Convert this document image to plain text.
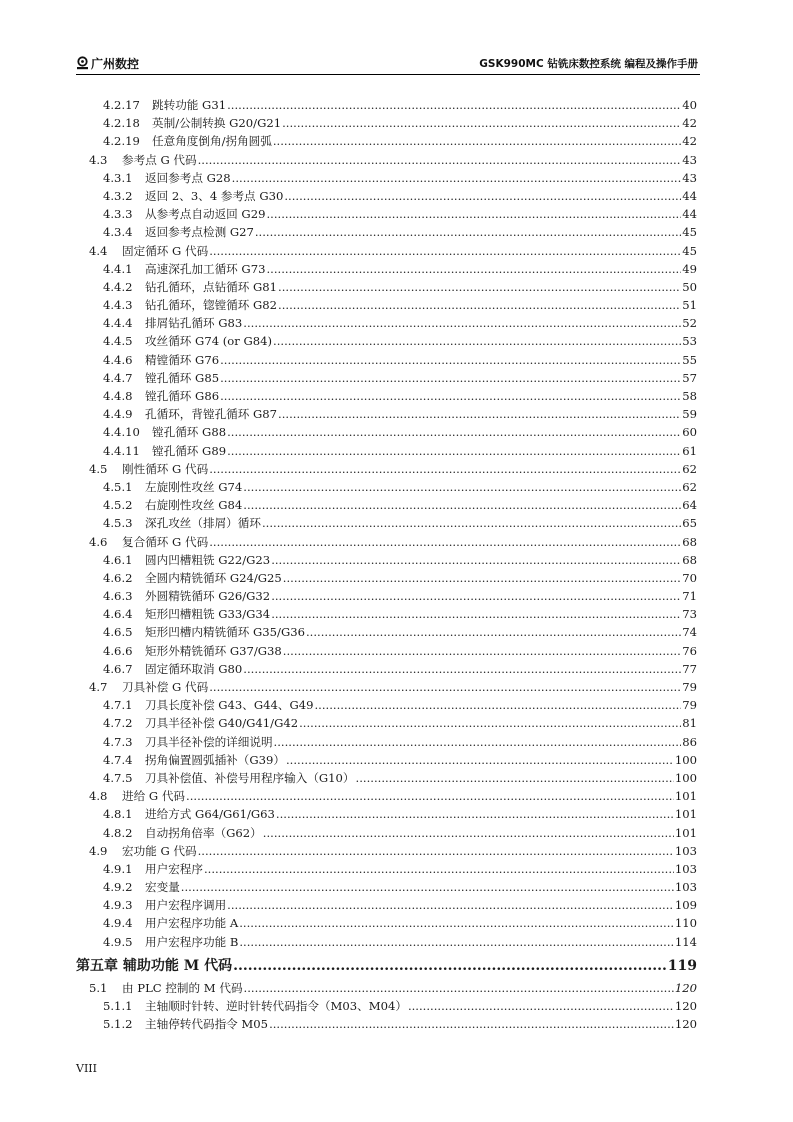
广州数控	GSK990MC 钻铣床数控系统 编程及操作手册
4.2.17 跳转功能 G31 .....	40
4.2.18 英制/公制转换 G20/G21 .....	42
4.2.19 任意角度倒角/拐角圆弧 .....	42
4.3 参考点 G 代码 .....	43
4.3.1 返回参考点 G28 .....	43
4.3.2 返回 2、3、4 参考点 G30 .....	44
4.3.3 从参考点自动返回 G29 .....	44
4.3.4 返回参考点检测 G27 .....	45
4.4 固定循环 G 代码 .....	45
4.4.1 高速深孔加工循环 G73 .....	49
4.4.2 钻孔循环，点钻循环 G81 .....	50
4.4.3 钻孔循环，锪镗循环 G82 .....	51
4.4.4 排屑钻孔循环 G83 .....	52
4.4.5 攻丝循环 G74 (or G84) .....	53
4.4.6 精镗循环 G76 .....	55
4.4.7 镗孔循环 G85 .....	57
4.4.8 镗孔循环 G86 .....	58
4.4.9 孔循环，背镗孔循环 G87 .....	59
4.4.10 镗孔循环 G88 .....	60
4.4.11 镗孔循环 G89 .....	61
4.5 刚性循环 G 代码 .....	62
4.5.1 左旋刚性攻丝 G74 .....	62
4.5.2 右旋刚性攻丝 G84 .....	64
4.5.3 深孔攻丝（排屑）循环 .....	65
4.6 复合循环 G 代码 .....	68
4.6.1 圆内凹槽粗铣 G22/G23 .....	68
4.6.2 全圆内精铣循环 G24/G25 .....	70
4.6.3 外圆精铣循环 G26/G32 .....	71
4.6.4 矩形凹槽粗铣 G33/G34 .....	73
4.6.5 矩形凹槽内精铣循环 G35/G36 .....	74
4.6.6 矩形外精铣循环 G37/G38 .....	76
4.6.7 固定循环取消 G80 .....	77
4.7 刀具补偿 G 代码 .....	79
4.7.1 刀具长度补偿 G43、G44、G49 .....	79
4.7.2 刀具半径补偿 G40/G41/G42 .....	81
4.7.3 刀具半径补偿的详细说明 .....	86
4.7.4 拐角偏置圆弧插补（G39） .....	100
4.7.5 刀具补偿值、补偿号用程序输入（G10） .....	100
4.8 进给 G 代码 .....	101
4.8.1 进给方式 G64/G61/G63 .....	101
4.8.2 自动拐角倍率（G62） .....	101
4.9 宏功能 G 代码 .....	103
4.9.1 用户宏程序 .....	103
4.9.2 宏变量 .....	103
4.9.3 用户宏程序调用 .....	109
4.9.4 用户宏程序功能 A .....	110
4.9.5 用户宏程序功能 B .....	114
第五章 辅助功能 M 代码 .....	119
5.1 由 PLC 控制的 M 代码 .....	120
5.1.1 主轴顺时针转、逆时针转代码指令（M03、M04） .....	120
5.1.2 主轴停转代码指令 M05 .....	120
VIII
